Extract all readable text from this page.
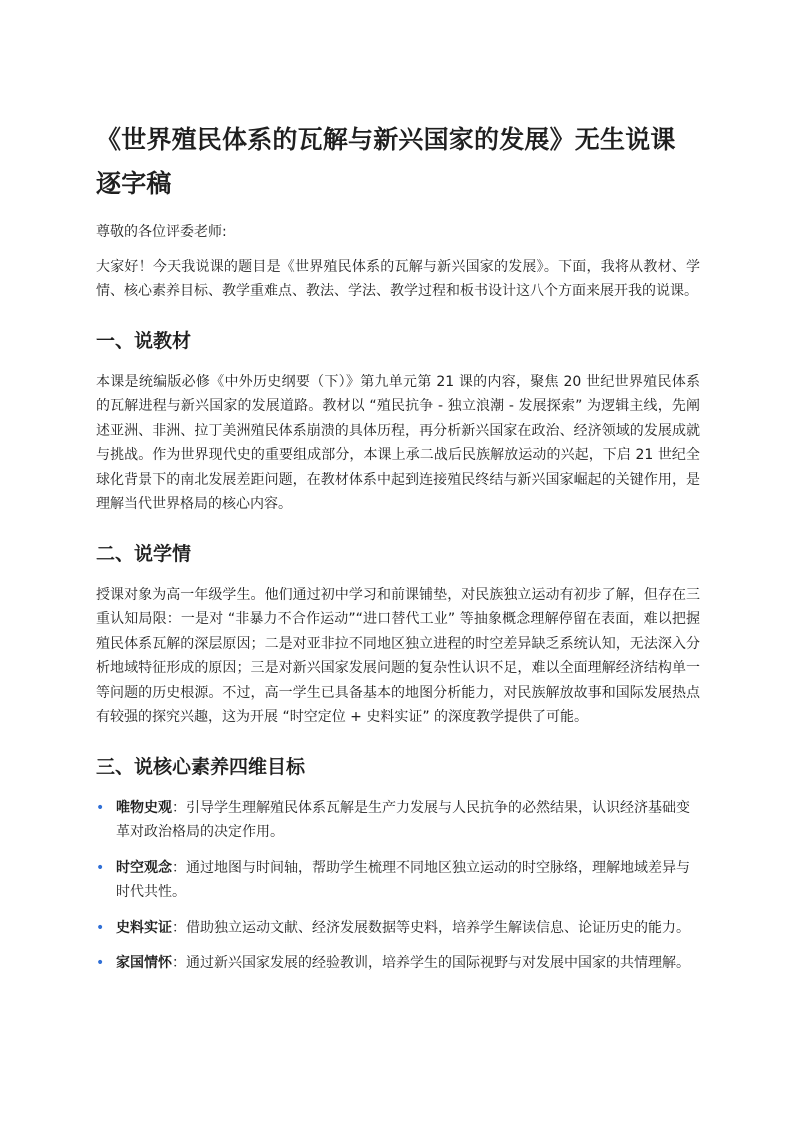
《世界殖民体系的瓦解与新兴国家的发展》无生说课逐字稿

尊敬的各位评委老师:

大家好！今天我说课的题目是《世界殖民体系的瓦解与新兴国家的发展》。下面，我将从教材、学情、核心素养目标、教学重难点、教法、学法、教学过程和板书设计这八个方面来展开我的说课。

一、说教材

本课是统编版必修《中外历史纲要（下）》第九单元第 21 课的内容，聚焦 20 世纪世界殖民体系的瓦解进程与新兴国家的发展道路。教材以 “殖民抗争 - 独立浪潮 - 发展探索” 为逻辑主线，先阐述亚洲、非洲、拉丁美洲殖民体系崩溃的具体历程，再分析新兴国家在政治、经济领域的发展成就与挑战。作为世界现代史的重要组成部分，本课上承二战后民族解放运动的兴起，下启 21 世纪全球化背景下的南北发展差距问题，在教材体系中起到连接殖民终结与新兴国家崛起的关键作用，是理解当代世界格局的核心内容。

二、说学情

授课对象为高一年级学生。他们通过初中学习和前课铺垫，对民族独立运动有初步了解，但存在三重认知局限：一是对 “非暴力不合作运动”“进口替代工业” 等抽象概念理解停留在表面，难以把握殖民体系瓦解的深层原因；二是对亚非拉不同地区独立进程的时空差异缺乏系统认知，无法深入分析地域特征形成的原因；三是对新兴国家发展问题的复杂性认识不足，难以全面理解经济结构单一等问题的历史根源。不过，高一学生已具备基本的地图分析能力，对民族解放故事和国际发展热点有较强的探究兴趣，这为开展 “时空定位 + 史料实证” 的深度教学提供了可能。

三、说核心素养四维目标
• 唯物史观：引导学生理解殖民体系瓦解是生产力发展与人民抗争的必然结果，认识经济基础变革对政治格局的决定作用。
• 时空观念：通过地图与时间轴，帮助学生梳理不同地区独立运动的时空脉络，理解地域差异与时代共性。
• 史料实证：借助独立运动文献、经济发展数据等史料，培养学生解读信息、论证历史的能力。
• 家国情怀：通过新兴国家发展的经验教训，培养学生的国际视野与对发展中国家的共情理解。
